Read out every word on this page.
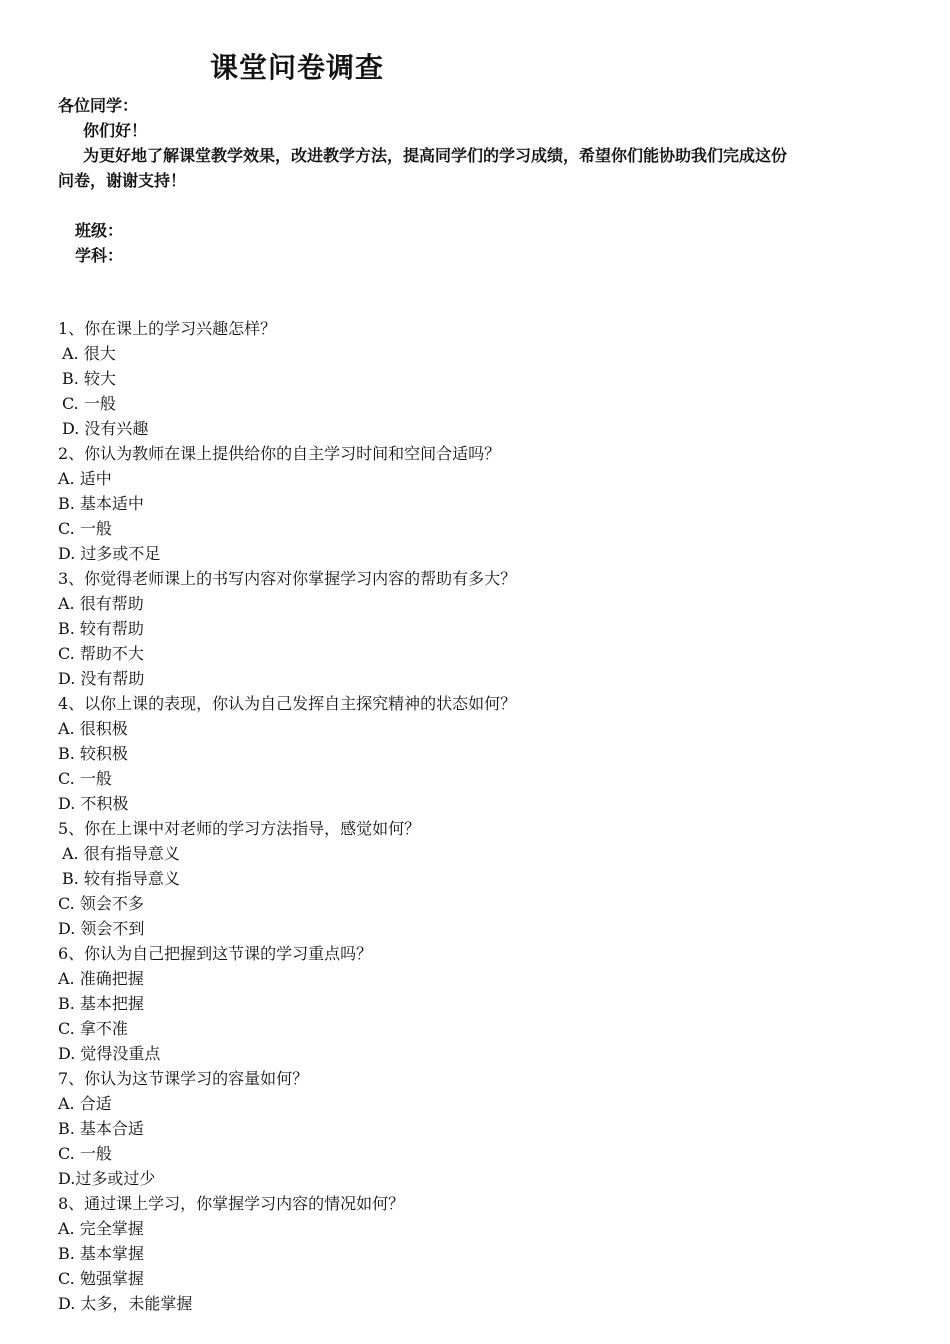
课堂问卷调查

各位同学：

你们好！

为更好地了解课堂教学效果，改进教学方法，提高同学们的学习成绩，希望你们能协助我们完成这份

问卷，谢谢支持！

班级：

学科：

1、你在课上的学习兴趣怎样？

A. 很大

B. 较大

C. 一般

D. 没有兴趣

2、你认为教师在课上提供给你的自主学习时间和空间合适吗？

A. 适中

B. 基本适中

C. 一般

D. 过多或不足

3、你觉得老师课上的书写内容对你掌握学习内容的帮助有多大？

A. 很有帮助

B. 较有帮助

C. 帮助不大

D. 没有帮助

4、以你上课的表现，你认为自己发挥自主探究精神的状态如何？

A. 很积极

B. 较积极

C. 一般

D. 不积极

5、你在上课中对老师的学习方法指导，感觉如何？

A. 很有指导意义

B. 较有指导意义

C. 领会不多

D. 领会不到

6、你认为自己把握到这节课的学习重点吗？

A. 准确把握

B. 基本把握

C. 拿不准

D. 觉得没重点

7、你认为这节课学习的容量如何？

A. 合适

B. 基本合适

C. 一般

D.过多或过少

8、通过课上学习，你掌握学习内容的情况如何？

A. 完全掌握

B. 基本掌握

C. 勉强掌握

D. 太多，未能掌握
